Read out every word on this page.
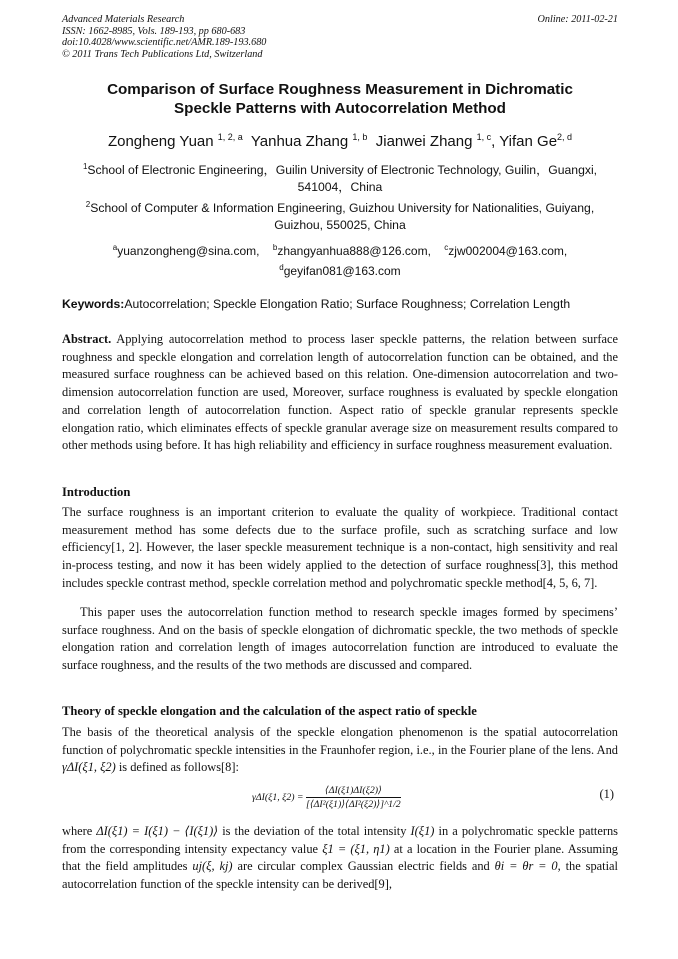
Advanced Materials Research
ISSN: 1662-8985, Vols. 189-193, pp 680-683
doi:10.4028/www.scientific.net/AMR.189-193.680
© 2011 Trans Tech Publications Ltd, Switzerland
Online: 2011-02-21
Comparison of Surface Roughness Measurement in Dichromatic
Speckle Patterns with Autocorrelation Method
Zongheng Yuan $^{1, 2, a}$ Yanhua Zhang $^{1, b}$ Jianwei Zhang $^{1, c}$, Yifan Ge$^{2, d}$
$^1$School of Electronic Engineering，Guilin University of Electronic Technology, Guilin，Guangxi,
541004，China
$^2$School of Computer & Information Engineering, Guizhou University for Nationalities, Guiyang,
Guizhou, 550025, China
$^a$yuanzongheng@sina.com, $^b$zhangyanhua888@126.com, $^c$zjw002004@163.com,
$^d$geyifan081@163.com
Keywords:Autocorrelation; Speckle Elongation Ratio; Surface Roughness; Correlation Length
Abstract. Applying autocorrelation method to process laser speckle patterns, the relation between surface roughness and speckle elongation and correlation length of autocorrelation function can be obtained, and the measured surface roughness can be achieved based on this relation. One-dimension autocorrelation and two-dimension autocorrelation function are used, Moreover, surface roughness is evaluated by speckle elongation and correlation length of autocorrelation function. Aspect ratio of speckle granular represents speckle elongation ratio, which eliminates effects of speckle granular average size on measurement results compared to other methods using before. It has high reliability and efficiency in surface roughness measurement evaluation.
Introduction
The surface roughness is an important criterion to evaluate the quality of workpiece. Traditional contact measurement method has some defects due to the surface profile, such as scratching surface and low efficiency[1, 2]. However, the laser speckle measurement technique is a non-contact, high sensitivity and real in-process testing, and now it has been widely applied to the detection of surface roughness[3], this method includes speckle contrast method, speckle correlation method and polychromatic speckle method[4, 5, 6, 7].
This paper uses the autocorrelation function method to research speckle images formed by specimens’ surface roughness. And on the basis of speckle elongation of dichromatic speckle, the two methods of speckle elongation ration and correlation length of images autocorrelation function are introduced to evaluate the surface roughness, and the results of the two methods are discussed and compared.
Theory of speckle elongation and the calculation of the aspect ratio of speckle
The basis of the theoretical analysis of the speckle elongation phenomenon is the spatial autocorrelation function of polychromatic speckle intensities in the Fraunhofer region, i.e., in the Fourier plane of the lens. And γΔI(ξ1, ξ2) is defined as follows[8]:
γΔI(ξ1, $\xi 2) = \frac{⟨\Delta I(\xi 1)\Delta I(\xi 2)⟩}{\text{[⟨ΔI²(ξ1)⟩⟨ΔI²(ξ2)⟩]\textasciicircum{}1/2}}$	(1)
where ΔI(ξ1) = I(ξ1) − ⟨I(ξ1)⟩ is the deviation of the total intensity I(ξ1) in a polychromatic speckle patterns from the corresponding intensity expectancy value ξ1 = (ξ1, η1) at a location in the Fourier plane. Assuming that the field amplitudes uj(ξ, kj) are circular complex Gaussian electric fields and θi = θr = 0, the spatial autocorrelation function of the speckle intensity can be derived[9],
